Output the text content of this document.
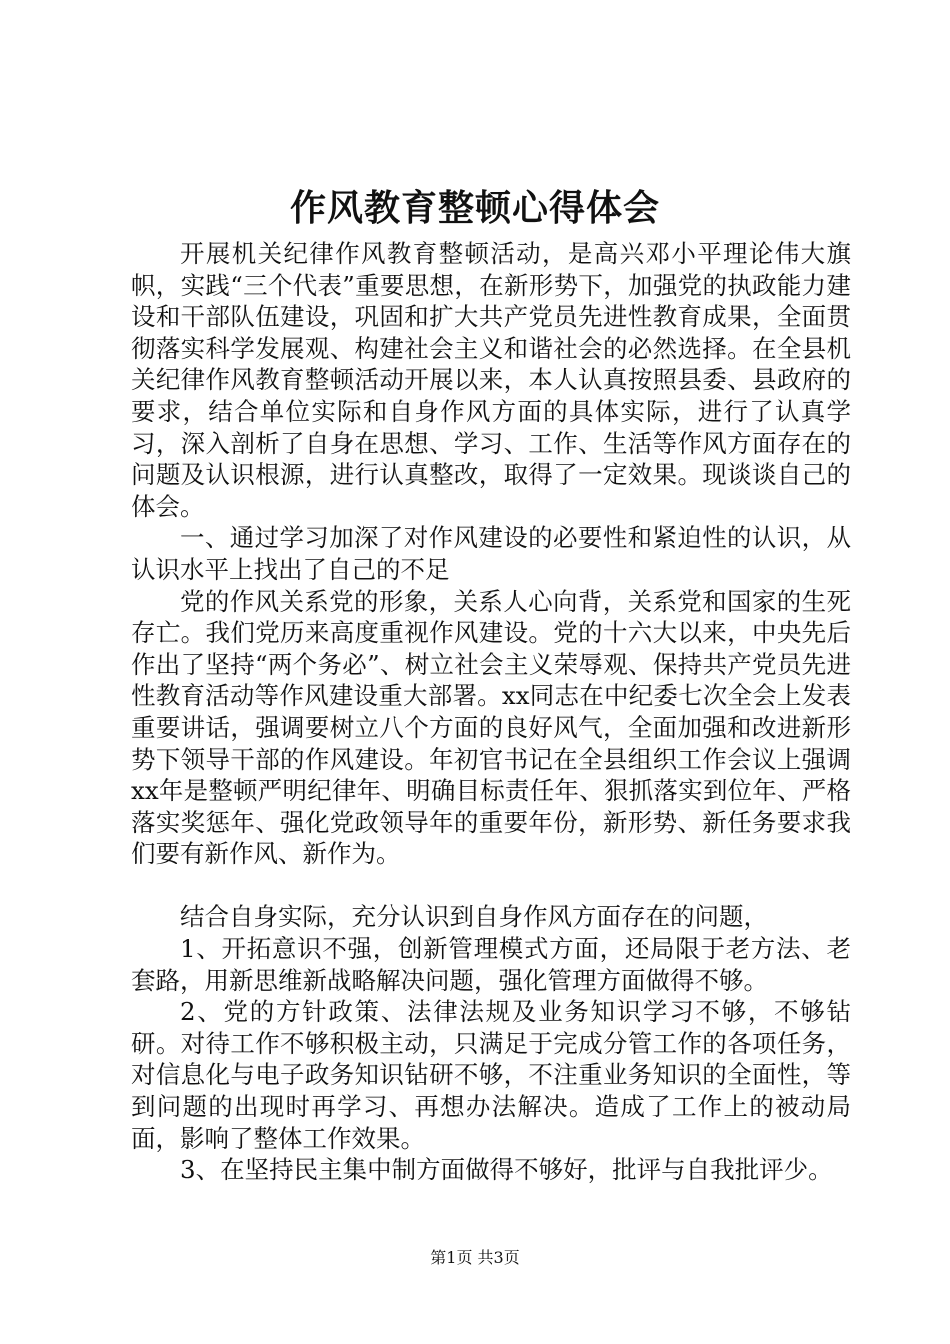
作风教育整顿心得体会

开展机关纪律作风教育整顿活动，是高兴邓小平理论伟大旗帜，实践“三个代表”重要思想，在新形势下，加强党的执政能力建设和干部队伍建设，巩固和扩大共产党员先进性教育成果，全面贯彻落实科学发展观、构建社会主义和谐社会的必然选择。在全县机关纪律作风教育整顿活动开展以来，本人认真按照县委、县政府的要求，结合单位实际和自身作风方面的具体实际，进行了认真学习，深入剖析了自身在思想、学习、工作、生活等作风方面存在的问题及认识根源，进行认真整改，取得了一定效果。现谈谈自己的体会。

一、通过学习加深了对作风建设的必要性和紧迫性的认识，从认识水平上找出了自己的不足

党的作风关系党的形象，关系人心向背，关系党和国家的生死存亡。我们党历来高度重视作风建设。党的十六大以来，中央先后作出了坚持“两个务必”、树立社会主义荣辱观、保持共产党员先进性教育活动等作风建设重大部署。xx同志在中纪委七次全会上发表重要讲话，强调要树立八个方面的良好风气，全面加强和改进新形势下领导干部的作风建设。年初官书记在全县组织工作会议上强调xx年是整顿严明纪律年、明确目标责任年、狠抓落实到位年、严格落实奖惩年、强化党政领导年的重要年份，新形势、新任务要求我们要有新作风、新作为。

结合自身实际，充分认识到自身作风方面存在的问题，

1、开拓意识不强，创新管理模式方面，还局限于老方法、老套路，用新思维新战略解决问题，强化管理方面做得不够。

2、党的方针政策、法律法规及业务知识学习不够，不够钻研。对待工作不够积极主动，只满足于完成分管工作的各项任务，对信息化与电子政务知识钻研不够，不注重业务知识的全面性，等到问题的出现时再学习、再想办法解决。造成了工作上的被动局面，影响了整体工作效果。

3、在坚持民主集中制方面做得不够好，批评与自我批评少。

第1页 共3页
